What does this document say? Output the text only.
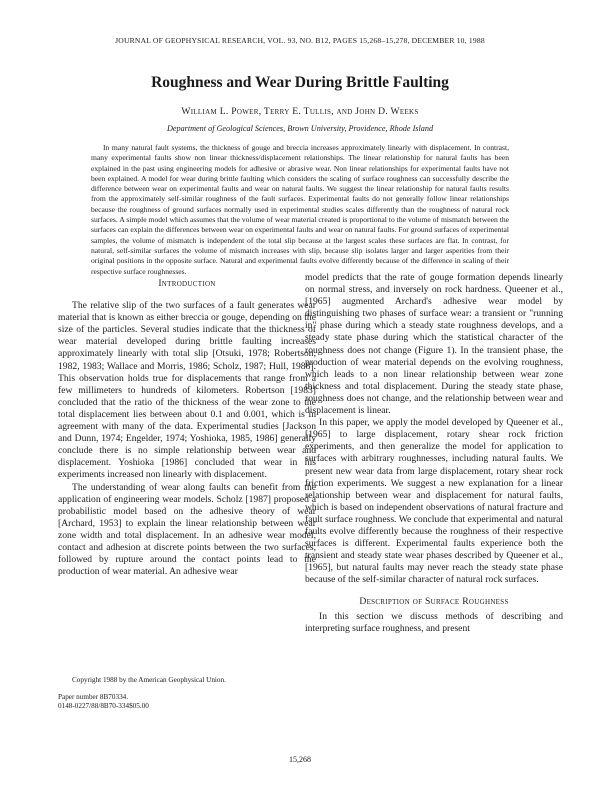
JOURNAL OF GEOPHYSICAL RESEARCH, VOL. 93, NO. B12, PAGES 15,268–15,278, DECEMBER 10, 1988
Roughness and Wear During Brittle Faulting
William L. Power, Terry E. Tullis, and John D. Weeks
Department of Geological Sciences, Brown University, Providence, Rhode Island

In many natural fault systems, the thickness of gouge and breccia increases approximately linearly with displacement. In contrast, many experimental faults show non linear thickness/displacement relationships. The linear relationship for natural faults has been explained in the past using engineering models for adhesive or abrasive wear. Non linear relationships for experimental faults have not been explained. A model for wear during brittle faulting which considers the scaling of surface roughness can successfully describe the difference between wear on experimental faults and wear on natural faults. We suggest the linear relationship for natural faults results from the approximately self-similar roughness of the fault surfaces. Experimental faults do not generally follow linear relationships because the roughness of ground surfaces normally used in experimental studies scales differently than the roughness of natural rock surfaces. A simple model which assumes that the volume of wear material created is proportional to the volume of mismatch between the surfaces can explain the differences between wear on experimental faults and wear on natural faults. For ground surfaces of experimental samples, the volume of mismatch is independent of the total slip because at the largest scales these surfaces are flat. In contrast, for natural, self-similar surfaces the volume of mismatch increases with slip, because slip isolates larger and larger asperities from their original positions in the opposite surface. Natural and experimental faults evolve differently because of the difference in scaling of their respective surface roughnesses.

Introduction

The relative slip of the two surfaces of a fault generates wear material that is known as either breccia or gouge, depending on the size of the particles. Several studies indicate that the thickness of wear material developed during brittle faulting increases approximately linearly with total slip [Otsuki, 1978; Robertson, 1982, 1983; Wallace and Morris, 1986; Scholz, 1987; Hull, 1988]. This observation holds true for displacements that range from a few millimeters to hundreds of kilometers. Robertson [1983] concluded that the ratio of the thickness of the wear zone to the total displacement lies between about 0.1 and 0.001, which is in agreement with many of the data. Experimental studies [Jackson and Dunn, 1974; Engelder, 1974; Yoshioka, 1985, 1986] generally conclude there is no simple relationship between wear and displacement. Yoshioka [1986] concluded that wear in his experiments increased non linearly with displacement.

The understanding of wear along faults can benefit from the application of engineering wear models. Scholz [1987] proposed a probabilistic model based on the adhesive theory of wear [Archard, 1953] to explain the linear relationship between wear zone width and total displacement. In an adhesive wear model, contact and adhesion at discrete points between the two surfaces, followed by rupture around the contact points lead to the production of wear material. An adhesive wear

model predicts that the rate of gouge formation depends linearly on normal stress, and inversely on rock hardness. Queener et al., [1965] augmented Archard's adhesive wear model by distinguishing two phases of surface wear: a transient or "running in" phase during which a steady state roughness develops, and a steady state phase during which the statistical character of the roughness does not change (Figure 1). In the transient phase, the production of wear material depends on the evolving roughness, which leads to a non linear relationship between wear zone thickness and total displacement. During the steady state phase, roughness does not change, and the relationship between wear and displacement is linear.

In this paper, we apply the model developed by Queener et al., [1965] to large displacement, rotary shear rock friction experiments, and then generalize the model for application to surfaces with arbitrary roughnesses, including natural faults. We present new wear data from large displacement, rotary shear rock friction experiments. We suggest a new explanation for a linear relationship between wear and displacement for natural faults, which is based on independent observations of natural fracture and fault surface roughness. We conclude that experimental and natural faults evolve differently because the roughness of their respective surfaces is different. Experimental faults experience both the transient and steady state wear phases described by Queener et al., [1965], but natural faults may never reach the steady state phase because of the self-similar character of natural rock surfaces.

Description of Surface Roughness

In this section we discuss methods of describing and interpreting surface roughness, and present

Copyright 1988 by the American Geophysical Union.
Paper number 8B70334.
0148-0227/88/8B70-334$05.00
15,268
